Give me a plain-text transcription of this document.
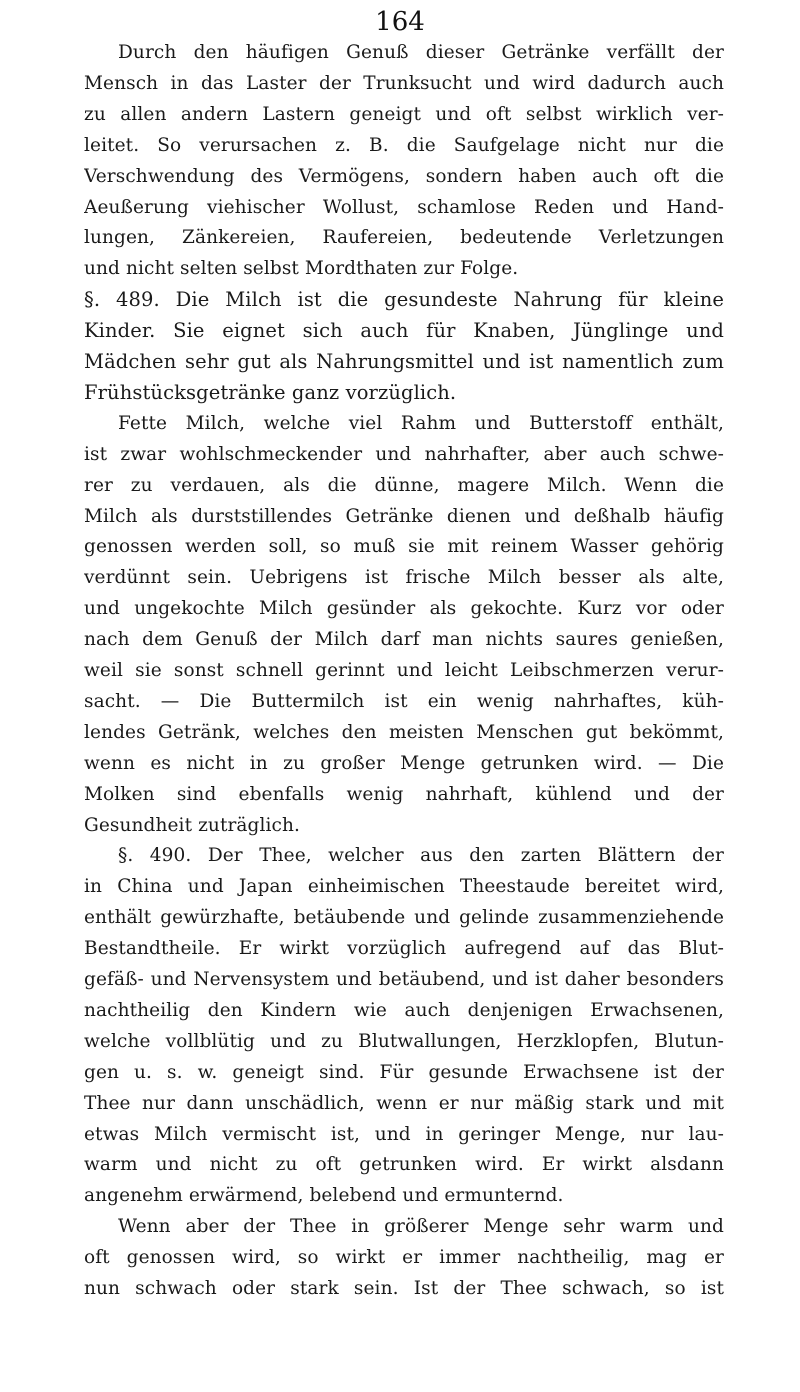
164
Durch den häufigen Genuß dieser Getränke verfällt der
Mensch in das Laster der Trunksucht und wird dadurch auch
zu allen andern Lastern geneigt und oft selbst wirklich ver-
leitet. So verursachen z. B. die Saufgelage nicht nur die
Verschwendung des Vermögens, sondern haben auch oft die
Aeußerung viehischer Wollust, schamlose Reden und Hand-
lungen, Zänkereien, Raufereien, bedeutende Verletzungen
und nicht selten selbst Mordthaten zur Folge.
§. 489. Die Milch ist die gesundeste Nahrung für kleine
Kinder. Sie eignet sich auch für Knaben, Jünglinge und
Mädchen sehr gut als Nahrungsmittel und ist namentlich zum
Frühstücksgetränke ganz vorzüglich.
Fette Milch, welche viel Rahm und Butterstoff enthält,
ist zwar wohlschmeckender und nahrhafter, aber auch schwe-
rer zu verdauen, als die dünne, magere Milch. Wenn die
Milch als durststillendes Getränke dienen und deßhalb häufig
genossen werden soll, so muß sie mit reinem Wasser gehörig
verdünnt sein. Uebrigens ist frische Milch besser als alte,
und ungekochte Milch gesünder als gekochte. Kurz vor oder
nach dem Genuß der Milch darf man nichts saures genießen,
weil sie sonst schnell gerinnt und leicht Leibschmerzen verur-
sacht. — Die Buttermilch ist ein wenig nahrhaftes, küh-
lendes Getränk, welches den meisten Menschen gut bekömmt,
wenn es nicht in zu großer Menge getrunken wird. — Die
Molken sind ebenfalls wenig nahrhaft, kühlend und der
Gesundheit zuträglich.
§. 490. Der Thee, welcher aus den zarten Blättern der
in China und Japan einheimischen Theestaude bereitet wird,
enthält gewürzhafte, betäubende und gelinde zusammenziehende
Bestandtheile. Er wirkt vorzüglich aufregend auf das Blut-
gefäß- und Nervensystem und betäubend, und ist daher besonders
nachtheilig den Kindern wie auch denjenigen Erwachsenen,
welche vollblütig und zu Blutwallungen, Herzklopfen, Blutun-
gen u. s. w. geneigt sind. Für gesunde Erwachsene ist der
Thee nur dann unschädlich, wenn er nur mäßig stark und mit
etwas Milch vermischt ist, und in geringer Menge, nur lau-
warm und nicht zu oft getrunken wird. Er wirkt alsdann
angenehm erwärmend, belebend und ermunternd.
Wenn aber der Thee in größerer Menge sehr warm und
oft genossen wird, so wirkt er immer nachtheilig, mag er
nun schwach oder stark sein. Ist der Thee schwach, so ist
